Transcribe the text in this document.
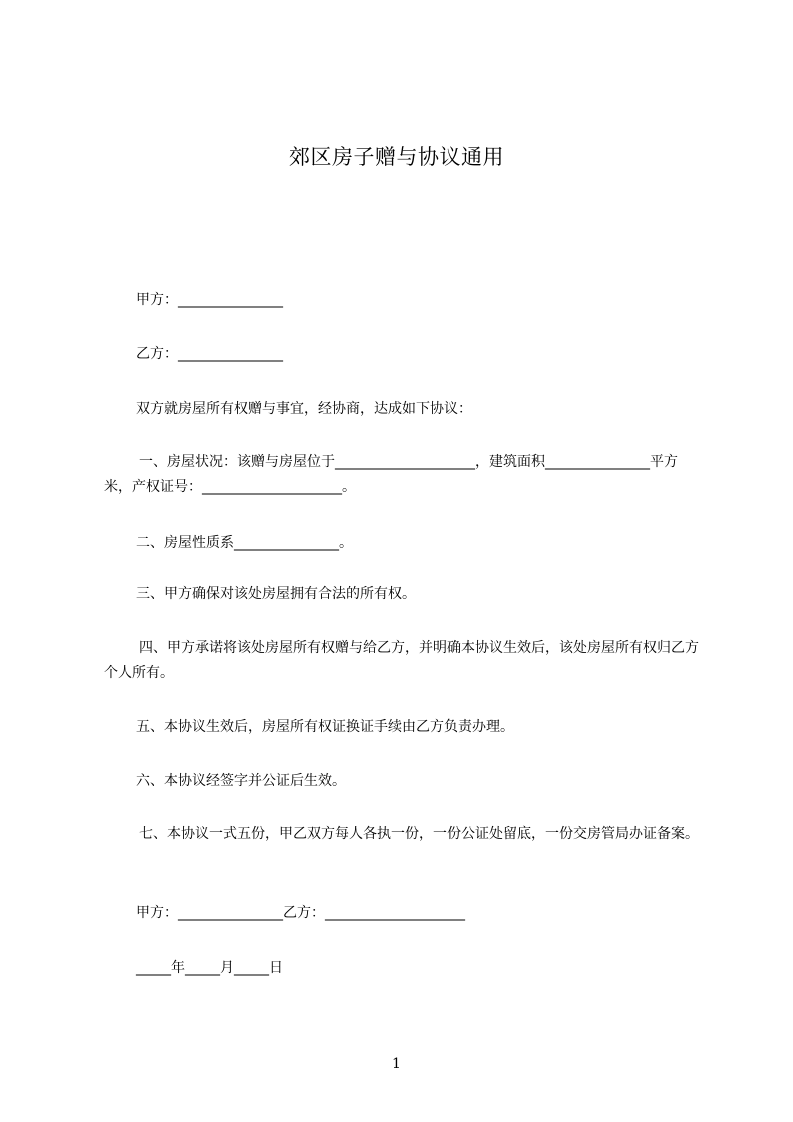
郊区房子赠与协议通用

甲方：_______________

乙方：_______________

双方就房屋所有权赠与事宜，经协商，达成如下协议：

一、房屋状况：该赠与房屋位于____________________，建筑面积_______________平方米，产权证号：____________________。

二、房屋性质系_______________。

三、甲方确保对该处房屋拥有合法的所有权。

四、甲方承诺将该处房屋所有权赠与给乙方，并明确本协议生效后，该处房屋所有权归乙方个人所有。

五、本协议生效后，房屋所有权证换证手续由乙方负责办理。

六、本协议经签字并公证后生效。

七、本协议一式五份，甲乙双方每人各执一份，一份公证处留底，一份交房管局办证备案。

甲方：_______________乙方：____________________

_____年_____月_____日

1
